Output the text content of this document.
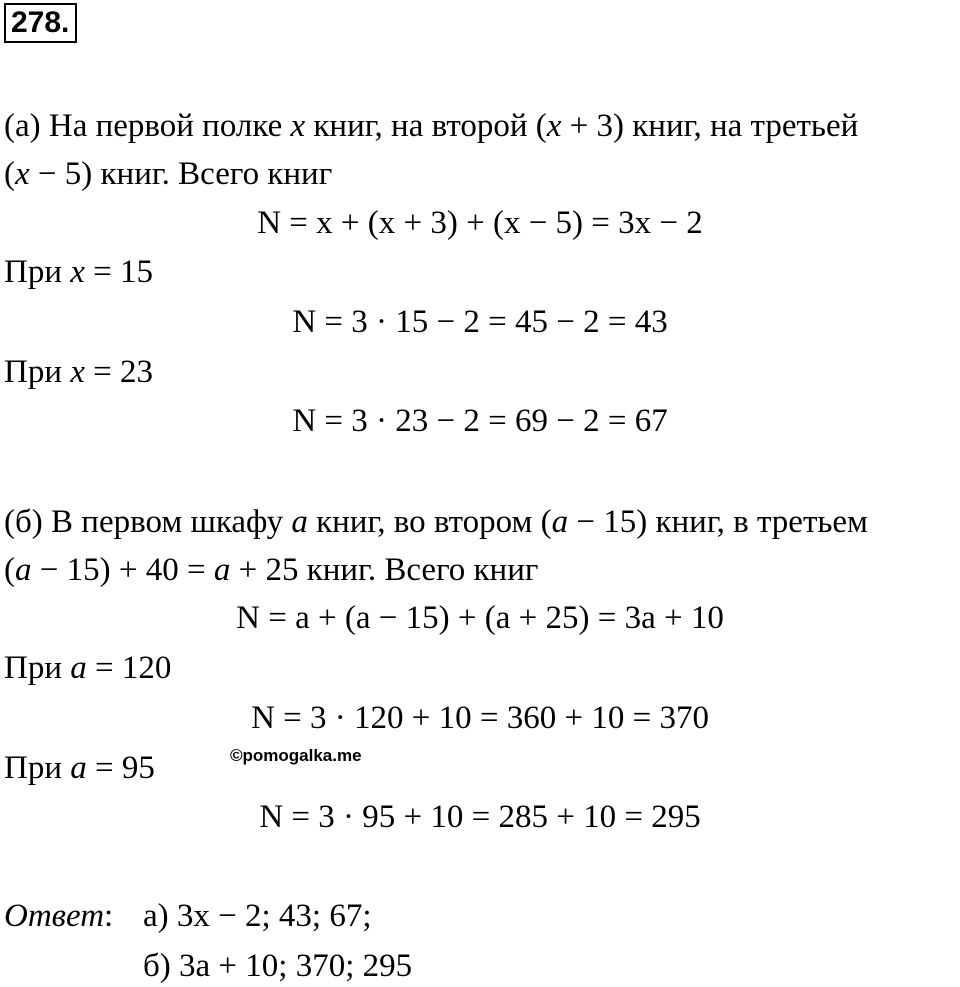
278.
(а) На первой полке x книг, на второй (x + 3) книг, на третьей
(x − 5) книг. Всего книг
N = x + (x + 3) + (x − 5) = 3x − 2
При x = 15
N = 3 · 15 − 2 = 45 − 2 = 43
При x = 23
N = 3 · 23 − 2 = 69 − 2 = 67
(б) В первом шкафу a книг, во втором (a − 15) книг, в третьем
(a − 15) + 40 = a + 25 книг. Всего книг
N = a + (a − 15) + (a + 25) = 3a + 10
При a = 120
N = 3 · 120 + 10 = 360 + 10 = 370
При a = 95
N = 3 · 95 + 10 = 285 + 10 = 295
©pomogalka.me
Ответ: а) 3x − 2; 43; 67;
б) 3a + 10; 370; 295
